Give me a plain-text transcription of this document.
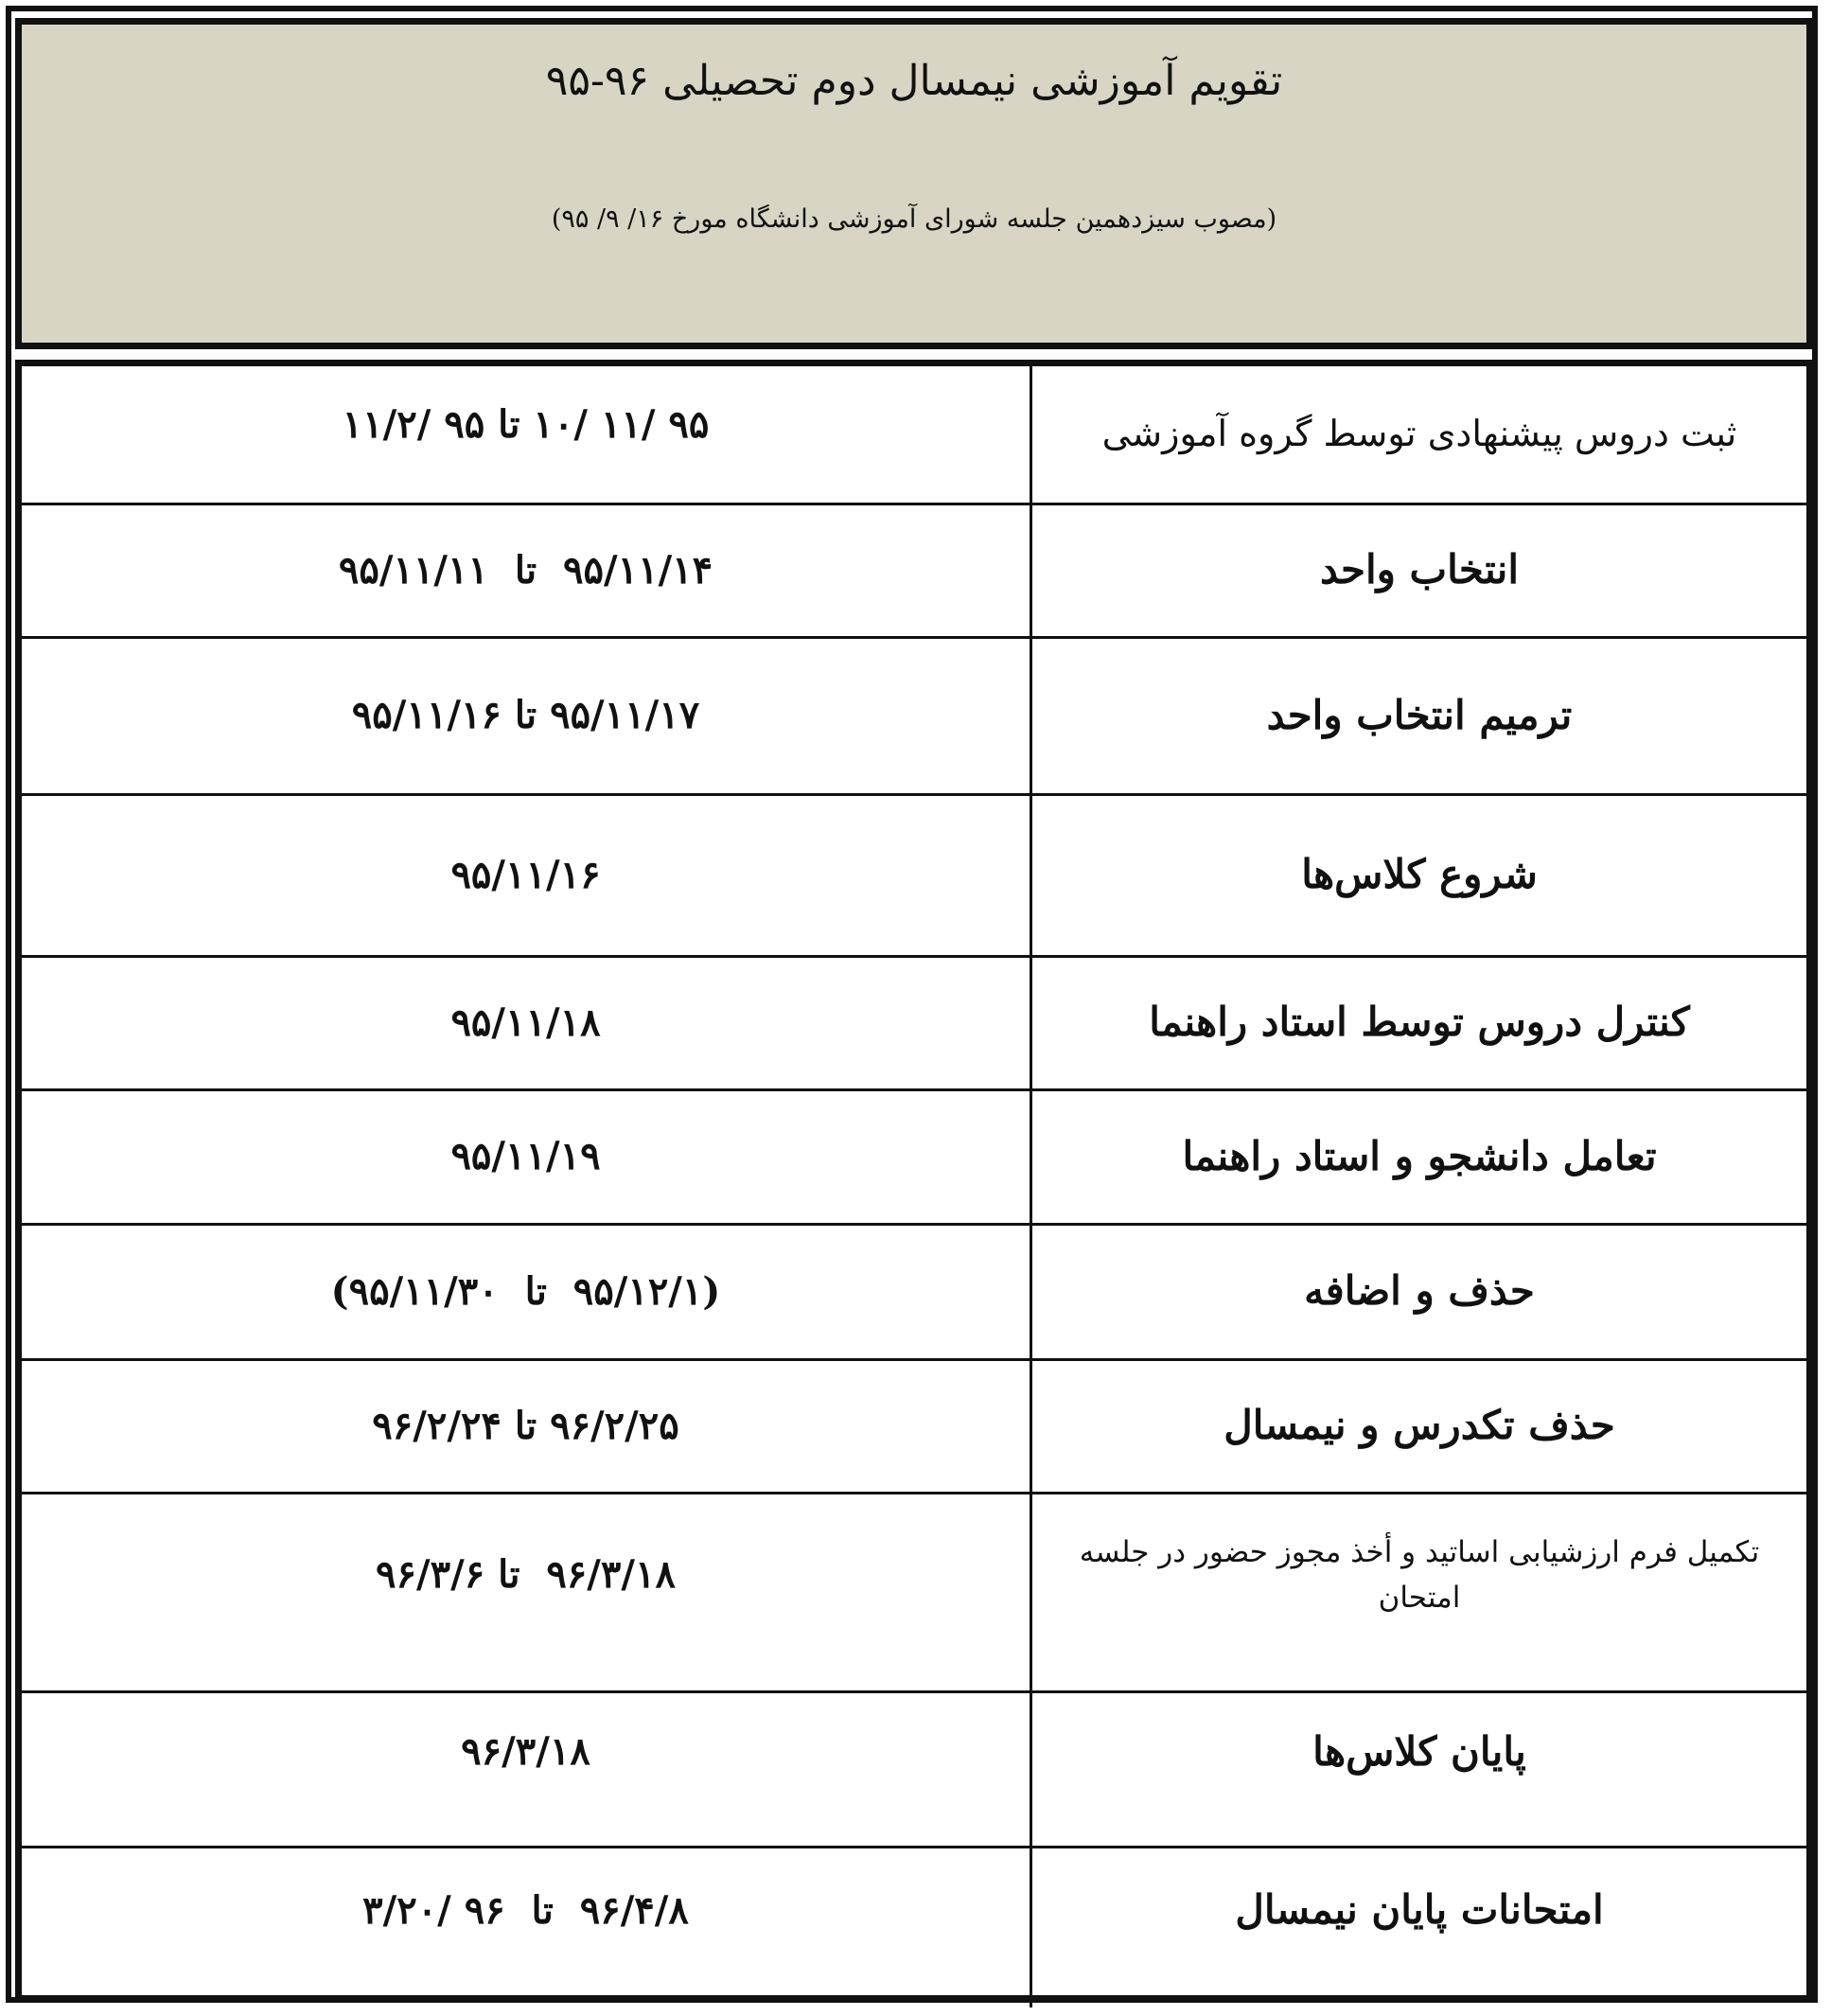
تقویم آموزشی نیمسال دوم تحصیلی ۹۶-۹۵
(مصوب سیزدهمین جلسه شورای آموزشی دانشگاه مورخ ۱۶/ ۹/ ۹۵)
ثبت دروس پیشنهادی توسط گروه آموزشی	۹۵ /۱۱ /۱۰ تا ۹۵ /۱۱/۲
انتخاب واحد	۹۵/۱۱/۱۴  تا  ۹۵/۱۱/۱۱
ترمیم انتخاب واحد	۹۵/۱۱/۱۷ تا ۹۵/۱۱/۱۶
شروع کلاس‌ها	۹۵/۱۱/۱۶
کنترل دروس توسط استاد راهنما	۹۵/۱۱/۱۸
تعامل دانشجو و استاد راهنما	۹۵/۱۱/۱۹
حذف و اضافه	(۹۵/۱۲/۱  تا  ۹۵/۱۱/۳۰)
حذف تکدرس و نیمسال	۹۶/۲/۲۵ تا ۹۶/۲/۲۴
تکمیل فرم ارزشیابی اساتید و أخذ مجوز حضور در جلسه امتحان	۹۶/۳/۱۸  تا ۹۶/۳/۶
پایان کلاس‌ها	۹۶/۳/۱۸
امتحانات پایان نیمسال	۹۶/۴/۸  تا  ۹۶ /۳/۲۰
